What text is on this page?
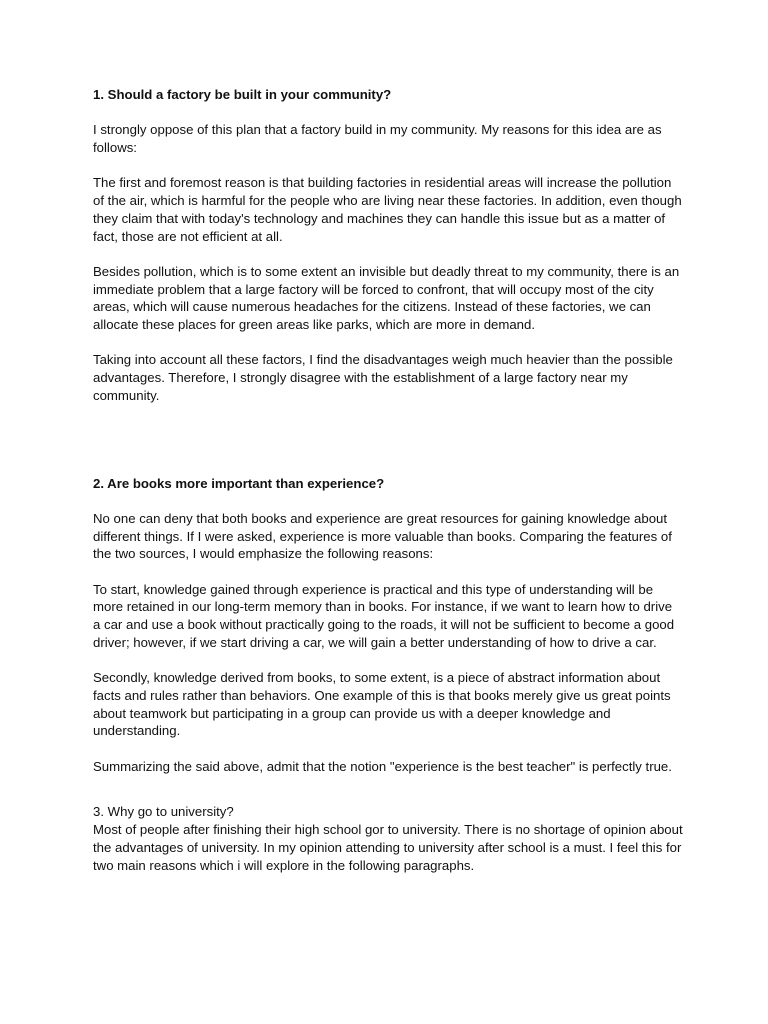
1. Should a factory be built in your community?

I strongly oppose of this plan that a factory build in my community. My reasons for this idea are as follows:

The first and foremost reason is that building factories in residential areas will increase the pollution of the air, which is harmful for the people who are living near these factories. In addition, even though they claim that with today's technology and machines they can handle this issue but as a matter of fact, those are not efficient at all.

Besides pollution, which is to some extent an invisible but deadly threat to my community, there is an immediate problem that a large factory will be forced to confront, that will occupy most of the city areas, which will cause numerous headaches for the citizens. Instead of these factories, we can allocate these places for green areas like parks, which are more in demand.

Taking into account all these factors, I find the disadvantages weigh much heavier than the possible advantages. Therefore, I strongly disagree with the establishment of a large factory near my community.

2. Are books more important than experience?

No one can deny that both books and experience are great resources for gaining knowledge about different things. If I were asked, experience is more valuable than books. Comparing the features of the two sources, I would emphasize the following reasons:

To start, knowledge gained through experience is practical and this type of understanding will be more retained in our long-term memory than in books. For instance, if we want to learn how to drive a car and use a book without practically going to the roads, it will not be sufficient to become a good driver; however, if we start driving a car, we will gain a better understanding of how to drive a car.

Secondly, knowledge derived from books, to some extent, is a piece of abstract information about facts and rules rather than behaviors. One example of this is that books merely give us great points about teamwork but participating in a group can provide us with a deeper knowledge and understanding.

Summarizing the said above, admit that the notion "experience is the best teacher" is perfectly true.

3. Why go to university?

Most of people after finishing their high school gor to university. There is no shortage of opinion about the advantages of university. In my opinion attending to university after school is a must. I feel this for two main reasons which i will explore in the following paragraphs.
